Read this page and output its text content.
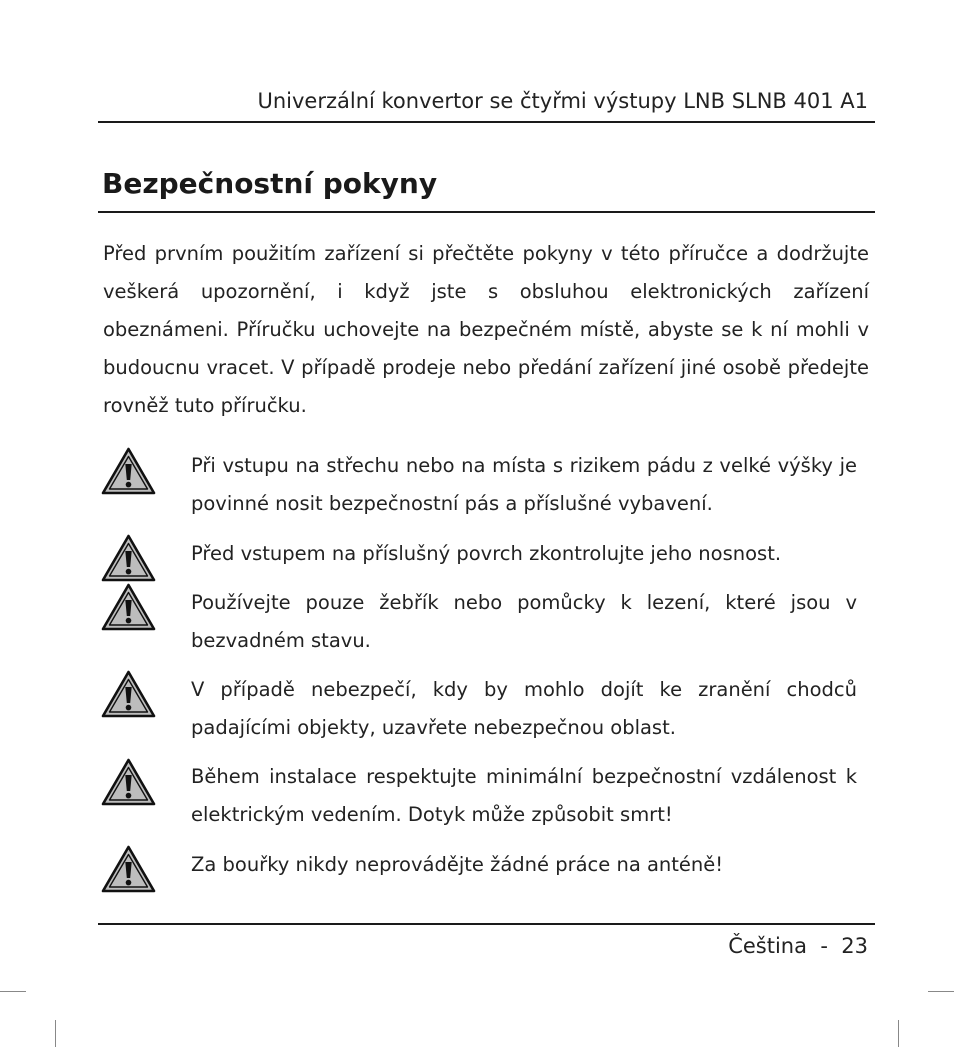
Univerzální konvertor se čtyřmi výstupy LNB SLNB 401 A1
Bezpečnostní pokyny

Před prvním použitím zařízení si přečtěte pokyny v této příručce a dodržujte veškerá upozornění, i když jste s obsluhou elektronických zařízení obeznámeni. Příručku uchovejte na bezpečném místě, abyste se k ní mohli v budoucnu vracet. V případě prodeje nebo předání zařízení jiné osobě předejte rovněž tuto příručku.

Při vstupu na střechu nebo na místa s rizikem pádu z velké výšky je povinné nosit bezpečnostní pás a příslušné vybavení.

Před vstupem na příslušný povrch zkontrolujte jeho nosnost.

Používejte pouze žebřík nebo pomůcky k lezení, které jsou v bezvadném stavu.

V případě nebezpečí, kdy by mohlo dojít ke zranění chodců padajícími objekty, uzavřete nebezpečnou oblast.

Během instalace respektujte minimální bezpečnostní vzdálenost k elektrickým vedením. Dotyk může způsobit smrt!

Za bouřky nikdy neprovádějte žádné práce na anténě!

Čeština  -  23
